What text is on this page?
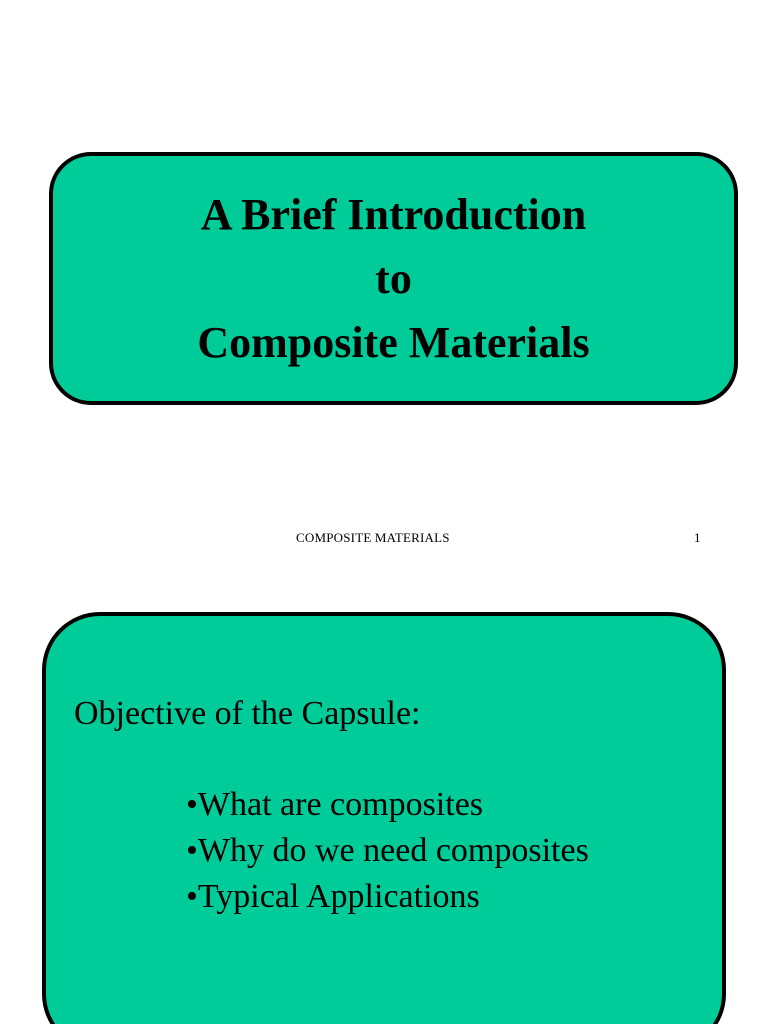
A Brief Introduction
to
Composite Materials
COMPOSITE MATERIALS	1
Objective of the Capsule:
•What are composites
•Why do we need composites
•Typical Applications
